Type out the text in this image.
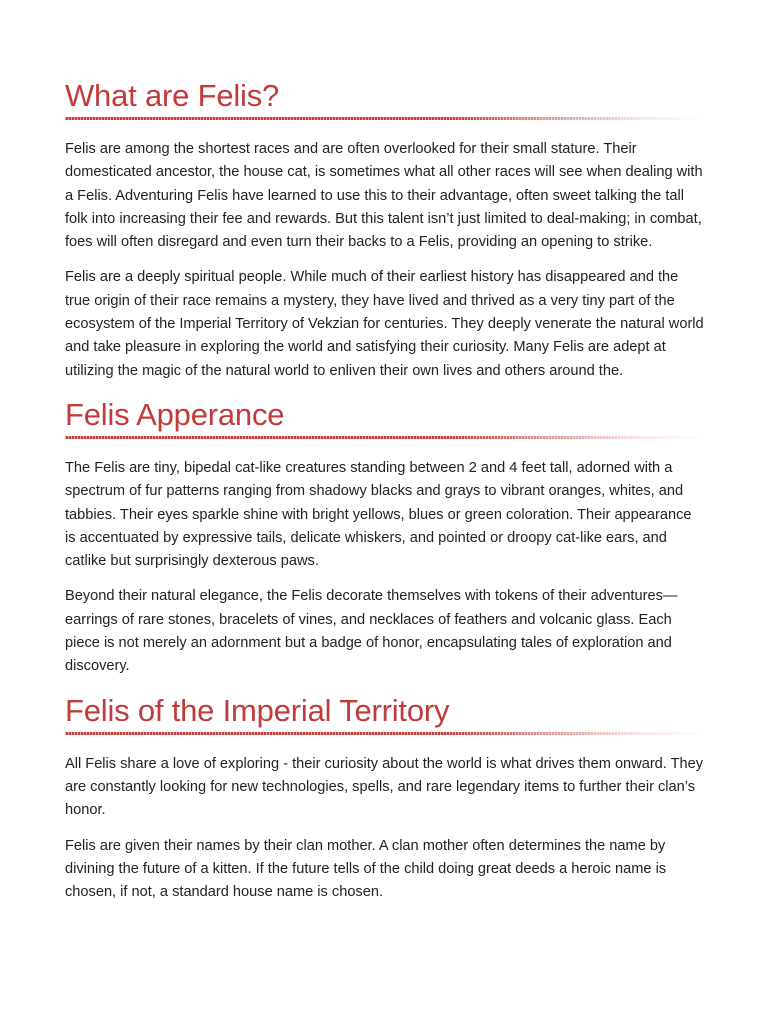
What are Felis?

Felis are among the shortest races and are often overlooked for their small stature. Their domesticated ancestor, the house cat, is sometimes what all other races will see when dealing with a Felis. Adventuring Felis have learned to use this to their advantage, often sweet talking the tall folk into increasing their fee and rewards. But this talent isn’t just limited to deal-making; in combat, foes will often disregard and even turn their backs to a Felis, providing an opening to strike.

Felis are a deeply spiritual people. While much of their earliest history has disappeared and the true origin of their race remains a mystery, they have lived and thrived as a very tiny part of the ecosystem of the Imperial Territory of Vekzian for centuries. They deeply venerate the natural world and take pleasure in exploring the world and satisfying their curiosity. Many Felis are adept at utilizing the magic of the natural world to enliven their own lives and others around the.

Felis Apperance

The Felis are tiny, bipedal cat-like creatures standing between 2 and 4 feet tall, adorned with a spectrum of fur patterns ranging from shadowy blacks and grays to vibrant oranges, whites, and tabbies. Their eyes sparkle shine with bright yellows, blues or green coloration. Their appearance is accentuated by expressive tails, delicate whiskers, and pointed or droopy cat-like ears, and catlike but surprisingly dexterous paws.

Beyond their natural elegance, the Felis decorate themselves with tokens of their adventures—earrings of rare stones, bracelets of vines, and necklaces of feathers and volcanic glass. Each piece is not merely an adornment but a badge of honor, encapsulating tales of exploration and discovery.

Felis of the Imperial Territory

All Felis share a love of exploring - their curiosity about the world is what drives them onward. They are constantly looking for new technologies, spells, and rare legendary items to further their clan’s honor.

Felis are given their names by their clan mother. A clan mother often determines the name by divining the future of a kitten. If the future tells of the child doing great deeds a heroic name is chosen, if not, a standard house name is chosen.
